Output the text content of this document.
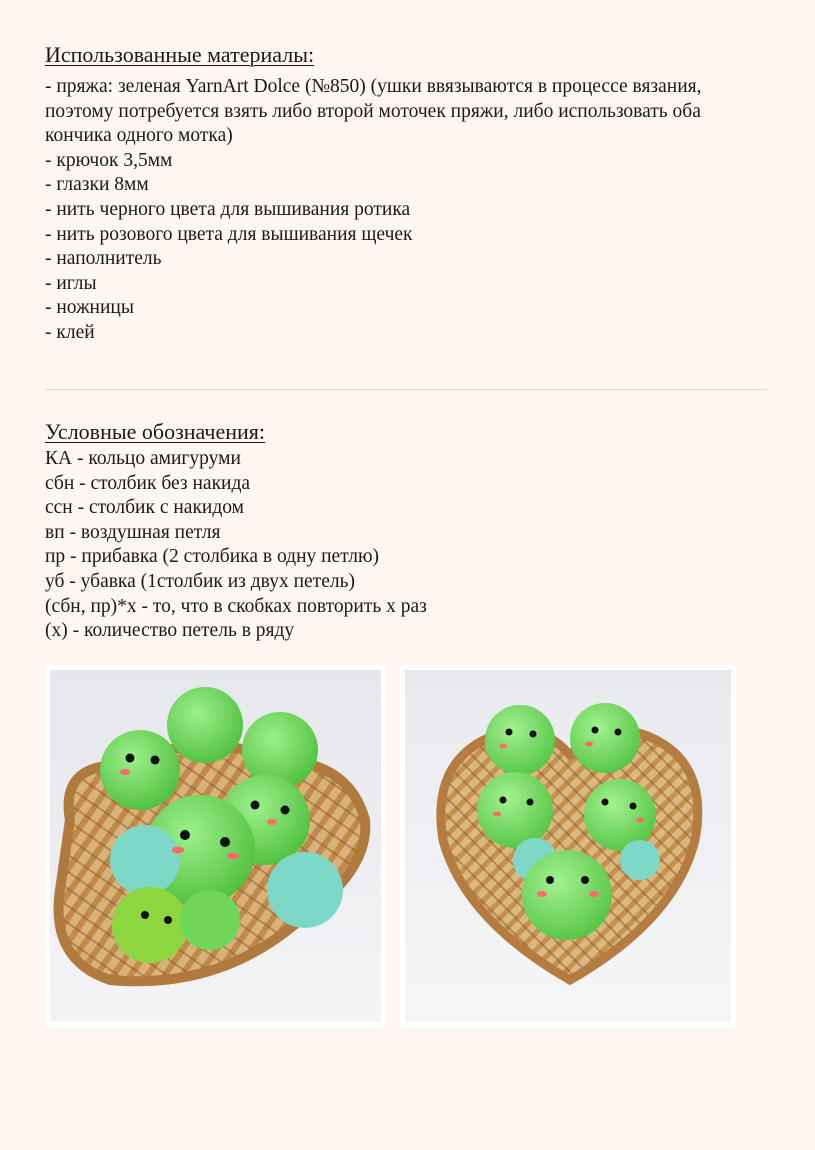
Использованные материалы:
- пряжа: зеленая YarnArt Dolce (№850) (ушки ввязываются в процессе вязания, поэтому потребуется взять либо второй моточек пряжи, либо использовать оба кончика одного мотка)
- крючок 3,5мм
- глазки 8мм
- нить черного цвета для вышивания ротика
- нить розового цвета для вышивания щечек
- наполнитель
- иглы
- ножницы
- клей
Условные обозначения:
КА - кольцо амигуруми
сбн - столбик без накида
ссн - столбик с накидом
вп - воздушная петля
пр - прибавка (2 столбика в одну петлю)
уб - убавка (1столбик из двух петель)
(сбн, пр)*х - то, что в скобках повторить х раз
(х) - количество петель в ряду
